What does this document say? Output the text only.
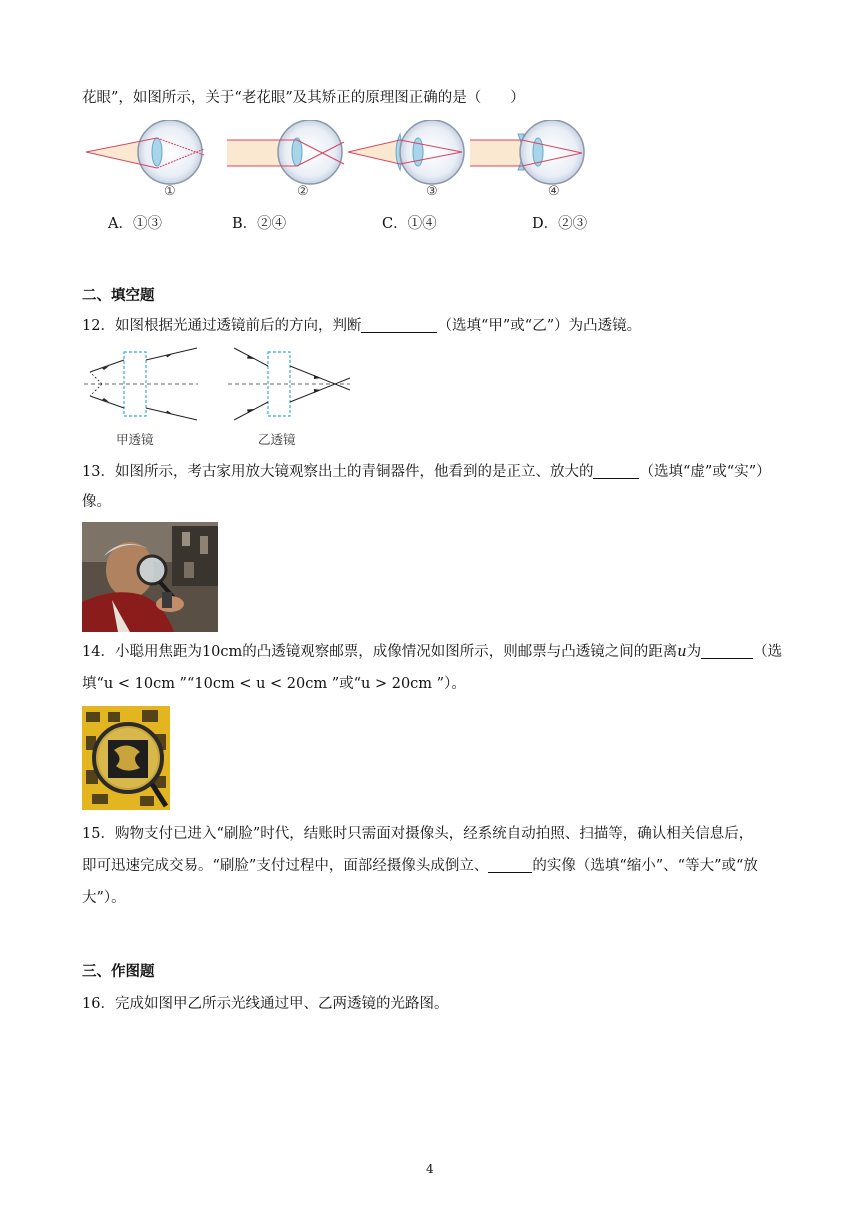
花眼”，如图所示，关于“老花眼”及其矫正的原理图正确的是（　　）
①	②	③	④
A．①③	B．②④	C．①④	D．②③
二、填空题
12．如图根据光通过透镜前后的方向，判断	（选填“甲”或“乙”）为凸透镜。
甲透镜	乙透镜
13．如图所示，考古家用放大镜观察出土的青铜器件，他看到的是正立、放大的	（选填“虚”或“实”）
像。
14．小聪用焦距为10cm的凸透镜观察邮票，成像情况如图所示，则邮票与凸透镜之间的距离u为	（选
填“u < 10cm ”“10cm < u < 20cm ”或“u > 20cm ”）。
15．购物支付已进入“刷脸”时代，结账时只需面对摄像头，经系统自动拍照、扫描等，确认相关信息后，
即可迅速完成交易。“刷脸”支付过程中，面部经摄像头成倒立、	的实像（选填“缩小”、“等大”或“放
大”）。
三、作图题
16．完成如图甲乙所示光线通过甲、乙两透镜的光路图。
4
